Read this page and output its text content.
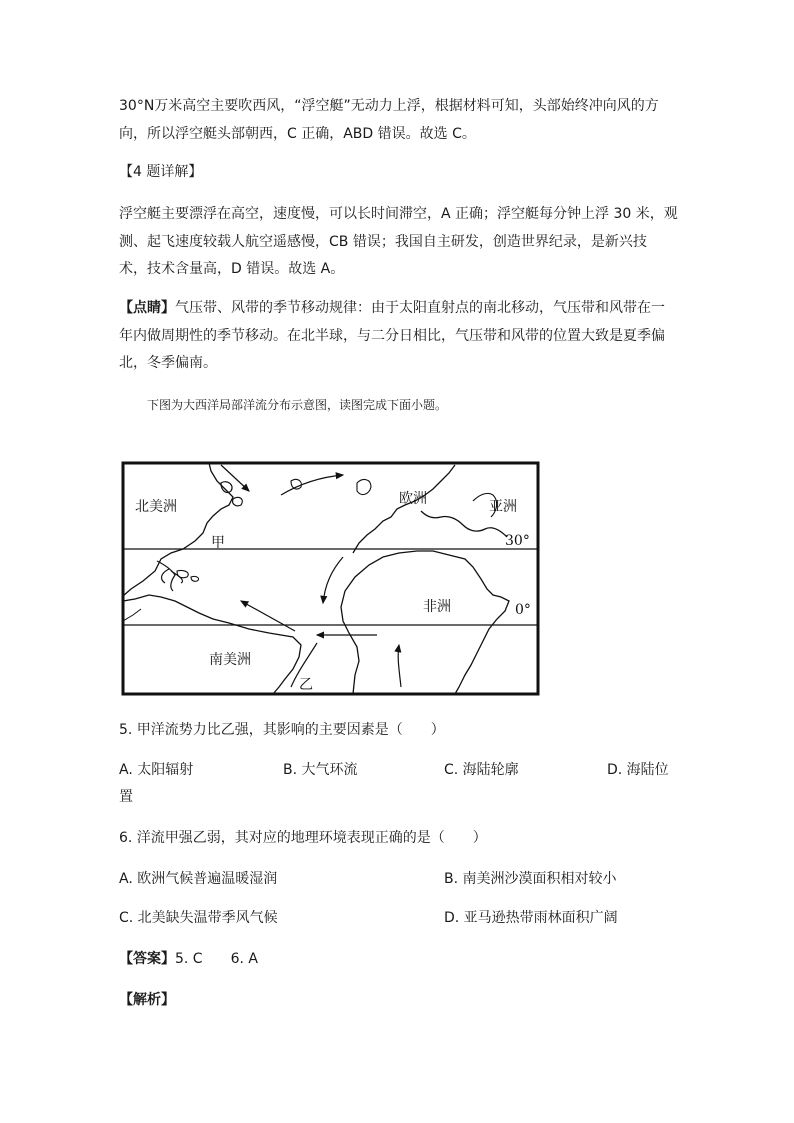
30°N万米高空主要吹西风，“浮空艇”无动力上浮，根据材料可知，头部始终冲向风的方
向，所以浮空艇头部朝西，C 正确，ABD 错误。故选 C。
【4 题详解】
浮空艇主要漂浮在高空，速度慢，可以长时间滞空，A 正确；浮空艇每分钟上浮 30 米，观
测、起飞速度较载人航空遥感慢，CB 错误；我国自主研发，创造世界纪录，是新兴技
术，技术含量高，D 错误。故选 A。
【点睛】气压带、风带的季节移动规律：由于太阳直射点的南北移动，气压带和风带在一
年内做周期性的季节移动。在北半球，与二分日相比，气压带和风带的位置大致是夏季偏
北，冬季偏南。
下图为大西洋局部洋流分布示意图，读图完成下面小题。
北美洲	欧洲	亚洲
非洲
南美洲
甲
乙
30°
0°
5. 甲洋流势力比乙强，其影响的主要因素是（　　）
A. 太阳辐射	B. 大气环流	C. 海陆轮廓	D. 海陆位
置
6. 洋流甲强乙弱，其对应的地理环境表现正确的是（　　）
A. 欧洲气候普遍温暖湿润	B. 南美洲沙漠面积相对较小
C. 北美缺失温带季风气候	D. 亚马逊热带雨林面积广阔
【答案】5. C　　6. A
【解析】
